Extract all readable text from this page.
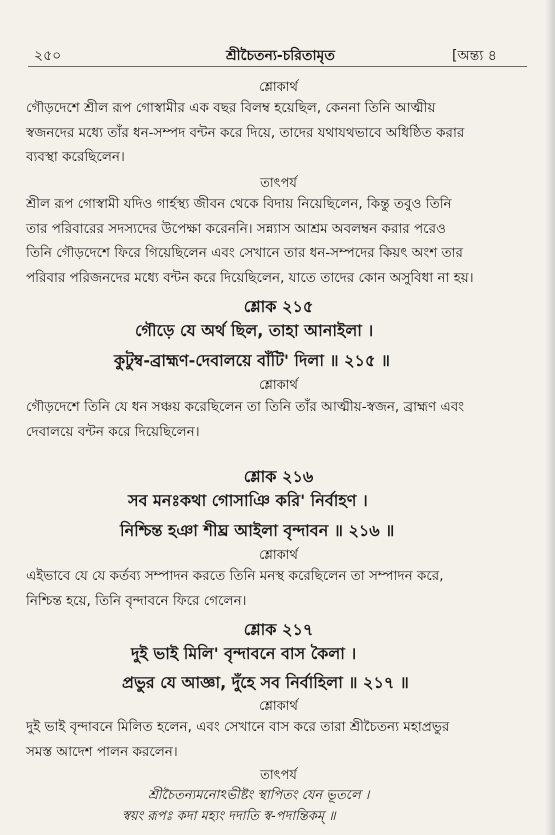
২৫০	শ্রীচৈতন্য-চরিতামৃত	[অন্ত্য ৪
শ্লোকার্থ
গৌড়দেশে শ্রীল রূপ গোস্বামীর এক বছর বিলম্ব হয়েছিল, কেননা তিনি আত্মীয়
স্বজনদের মধ্যে তাঁর ধন-সম্পদ বন্টন করে দিয়ে, তাদের যথাযথভাবে অধিষ্ঠিত করার
ব্যবস্থা করেছিলেন।
তাৎপর্য
শ্রীল রূপ গোস্বামী যদিও গার্হস্থ্য জীবন থেকে বিদায় নিয়েছিলেন, কিন্তু তবুও তিনি
তার পরিবারের সদস্যদের উপেক্ষা করেননি। সন্ন্যাস আশ্রম অবলম্বন করার পরেও
তিনি গৌড়দেশে ফিরে গিয়েছিলেন এবং সেখানে তার ধন-সম্পদের কিয়ৎ অংশ তার
পরিবার পরিজনদের মধ্যে বন্টন করে দিয়েছিলেন, যাতে তাদের কোন অসুবিধা না হয়।
শ্লোক ২১৫
গৌড়ে যে অর্থ ছিল, তাহা আনাইলা ।
কুটুম্ব-ব্রাহ্মণ-দেবালয়ে বাঁটি' দিলা ॥ ২১৫ ॥
শ্লোকার্থ
গৌড়দেশে তিনি যে ধন সঞ্চয় করেছিলেন তা তিনি তাঁর আত্মীয়-স্বজন, ব্রাহ্মণ এবং
দেবালয়ে বন্টন করে দিয়েছিলেন।
শ্লোক ২১৬
সব মনঃকথা গোসাঞি করি' নির্বাহণ ।
নিশ্চিন্ত হঞা শীঘ্র আইলা বৃন্দাবন ॥ ২১৬ ॥
শ্লোকার্থ
এইভাবে যে যে কর্তব্য সম্পাদন করতে তিনি মনস্থ করেছিলেন তা সম্পাদন করে,
নিশ্চিন্ত হয়ে, তিনি বৃন্দাবনে ফিরে গেলেন।
শ্লোক ২১৭
দুই ভাই মিলি' বৃন্দাবনে বাস কৈলা ।
প্রভুর যে আজ্ঞা, দুঁহে সব নির্বাহিলা ॥ ২১৭ ॥
শ্লোকার্থ
দুই ভাই বৃন্দাবনে মিলিত হলেন, এবং সেখানে বাস করে তারা শ্রীচৈতন্য মহাপ্রভুর
সমস্ত আদেশ পালন করলেন।
তাৎপর্য
শ্রীচৈতন্যমনোঽভীষ্টং স্থাপিতং যেন ভূতলে ।
স্বয়ং রূপঃ কদা মহ্যং দদাতি স্ব-পদান্তিকম্ ॥
